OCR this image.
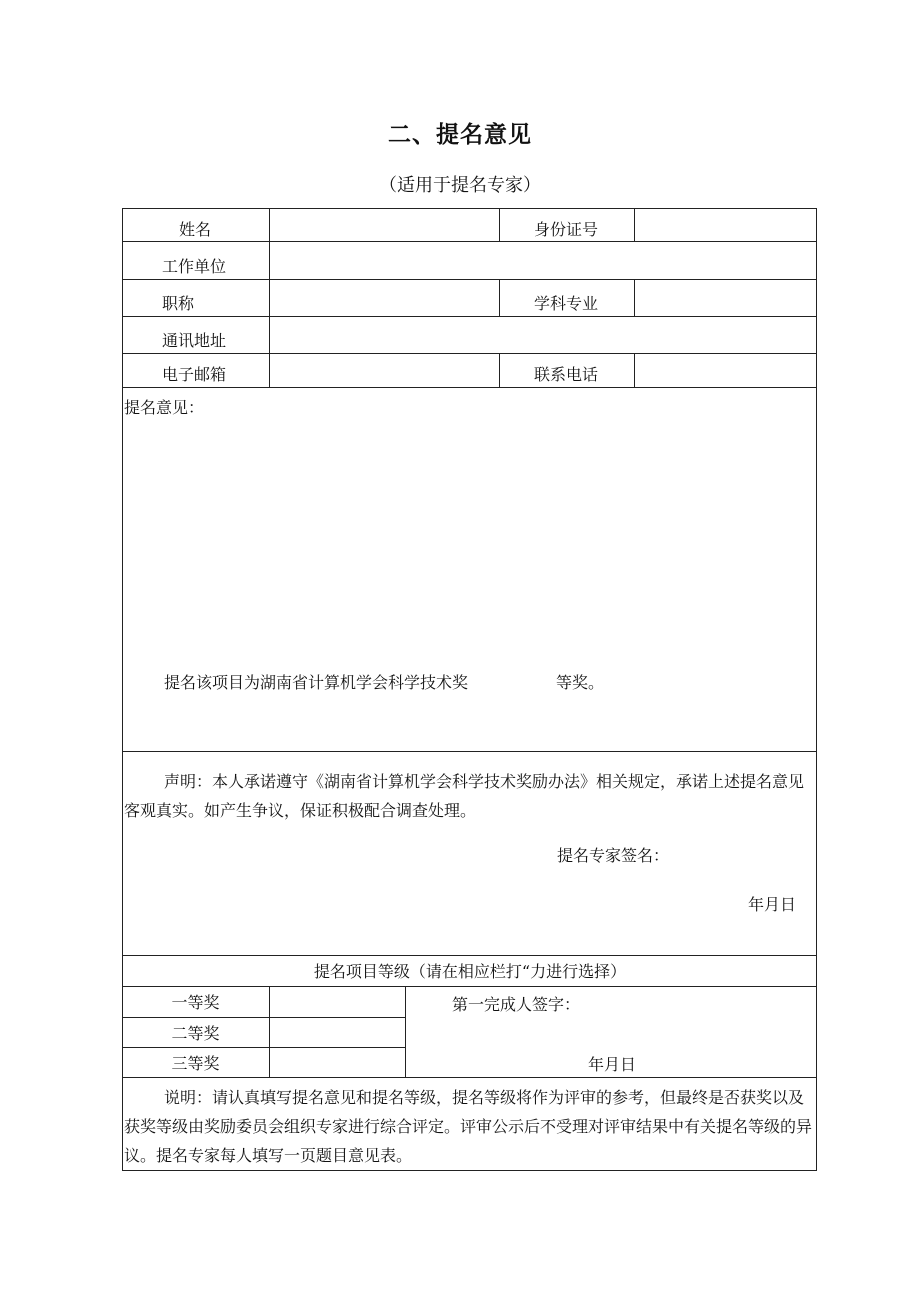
二、提名意见
（适用于提名专家）
姓名	身份证号
工作单位
职称	学科专业
通讯地址
电子邮箱	联系电话
提名意见：
提名该项目为湖南省计算机学会科学技术奖	等奖。
声明：本人承诺遵守《湖南省计算机学会科学技术奖励办法》相关规定，承诺上述提名意见客观真实。如产生争议，保证积极配合调查处理。
提名专家签名：
年月日
提名项目等级（请在相应栏打“力进行选择）
一等奖
二等奖
三等奖
第一完成人签字：
年月日
说明：请认真填写提名意见和提名等级，提名等级将作为评审的参考，但最终是否获奖以及获奖等级由奖励委员会组织专家进行综合评定。评审公示后不受理对评审结果中有关提名等级的异议。提名专家每人填写一页题目意见表。
